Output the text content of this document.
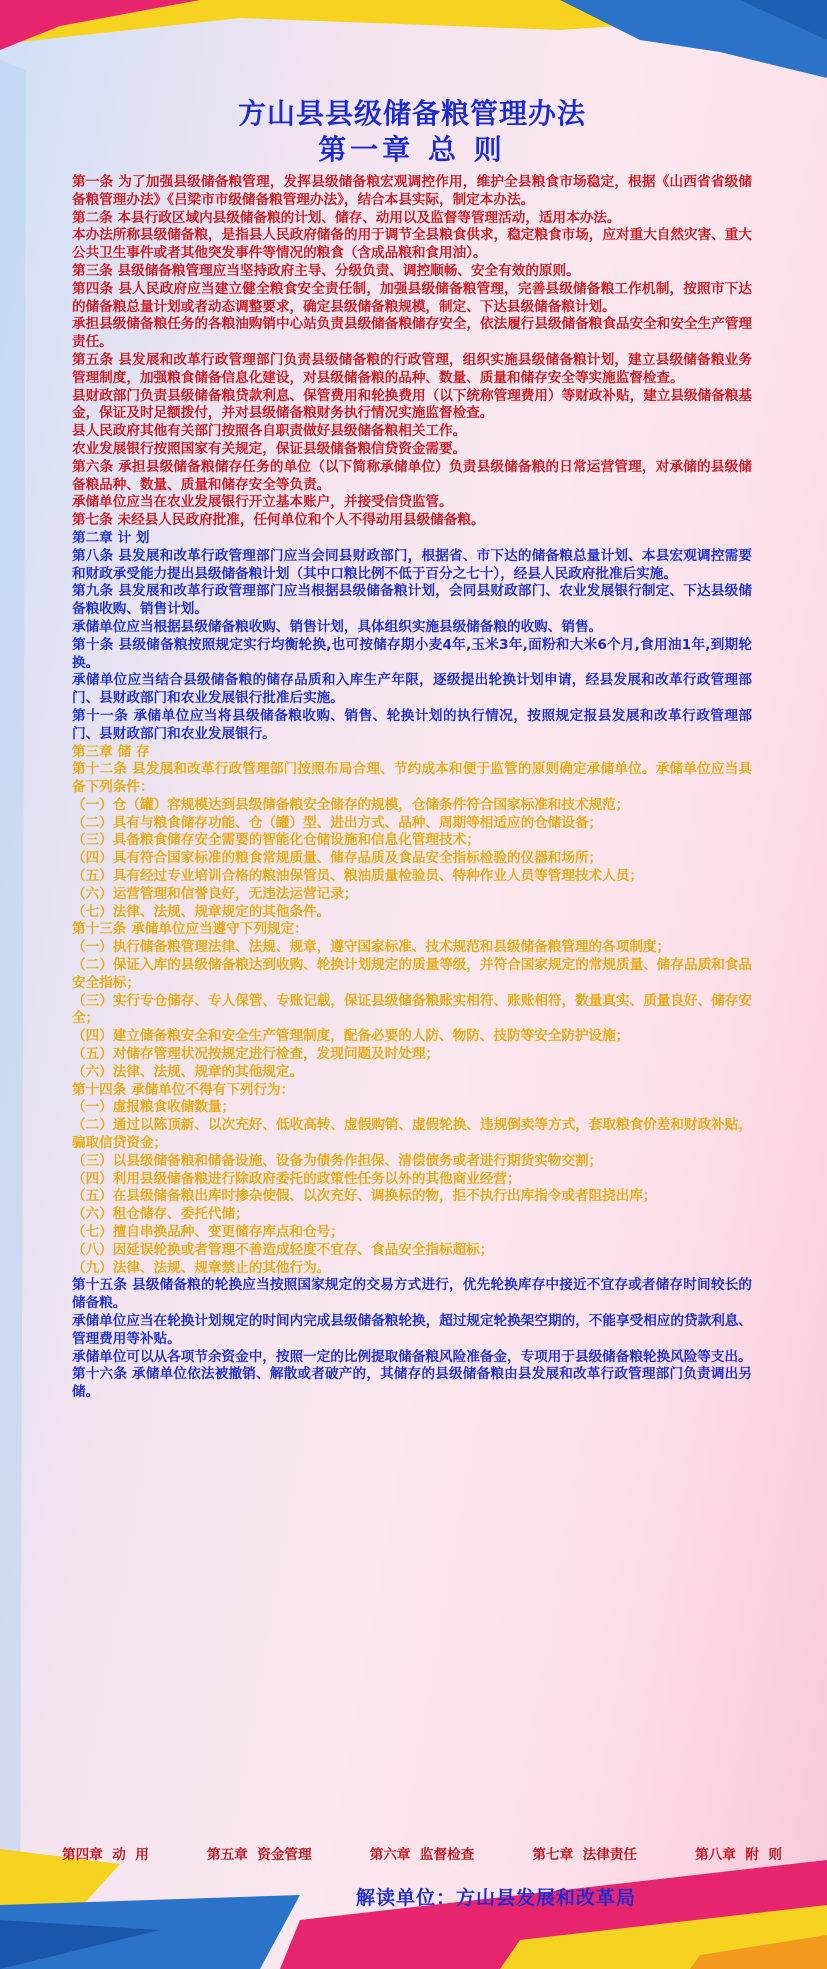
方山县县级储备粮管理办法
第一章 总 则

第一条 为了加强县级储备粮管理，发挥县级储备粮宏观调控作用，维护全县粮食市场稳定，根据《山西省省级储备粮管理办法》《吕梁市市级储备粮管理办法》，结合本县实际，制定本办法。

第二条 本县行政区域内县级储备粮的计划、储存、动用以及监督等管理活动，适用本办法。

本办法所称县级储备粮，是指县人民政府储备的用于调节全县粮食供求，稳定粮食市场，应对重大自然灾害、重大公共卫生事件或者其他突发事件等情况的粮食（含成品粮和食用油）。

第三条 县级储备粮管理应当坚持政府主导、分级负责、调控顺畅、安全有效的原则。

第四条 县人民政府应当建立健全粮食安全责任制，加强县级储备粮管理，完善县级储备粮工作机制，按照市下达的储备粮总量计划或者动态调整要求，确定县级储备粮规模，制定、下达县级储备粮计划。

承担县级储备粮任务的各粮油购销中心站负责县级储备粮储存安全，依法履行县级储备粮食品安全和安全生产管理责任。

第五条 县发展和改革行政管理部门负责县级储备粮的行政管理，组织实施县级储备粮计划，建立县级储备粮业务管理制度，加强粮食储备信息化建设，对县级储备粮的品种、数量、质量和储存安全等实施监督检查。

县财政部门负责县级储备粮贷款利息、保管费用和轮换费用（以下统称管理费用）等财政补贴，建立县级储备粮基金，保证及时足额拨付，并对县级储备粮财务执行情况实施监督检查。

县人民政府其他有关部门按照各自职责做好县级储备粮相关工作。

农业发展银行按照国家有关规定，保证县级储备粮信贷资金需要。

第六条 承担县级储备粮储存任务的单位（以下简称承储单位）负责县级储备粮的日常运营管理，对承储的县级储备粮品种、数量、质量和储存安全等负责。

承储单位应当在农业发展银行开立基本账户，并接受信贷监管。

第七条 未经县人民政府批准，任何单位和个人不得动用县级储备粮。

第二章 计 划

第八条 县发展和改革行政管理部门应当会同县财政部门，根据省、市下达的储备粮总量计划、本县宏观调控需要和财政承受能力提出县级储备粮计划（其中口粮比例不低于百分之七十），经县人民政府批准后实施。

第九条 县发展和改革行政管理部门应当根据县级储备粮计划，会同县财政部门、农业发展银行制定、下达县级储备粮收购、销售计划。

承储单位应当根据县级储备粮收购、销售计划，具体组织实施县级储备粮的收购、销售。

第十条 县级储备粮按照规定实行均衡轮换,也可按储存期小麦4年,玉米3年,面粉和大米6个月,食用油1年,到期轮换。

承储单位应当结合县级储备粮的储存品质和入库生产年限，逐级提出轮换计划申请，经县发展和改革行政管理部门、县财政部门和农业发展银行批准后实施。

第十一条 承储单位应当将县级储备粮收购、销售、轮换计划的执行情况，按照规定报县发展和改革行政管理部门、县财政部门和农业发展银行。

第三章 储 存

第十二条 县发展和改革行政管理部门按照布局合理、节约成本和便于监管的原则确定承储单位。承储单位应当具备下列条件：

（一）仓（罐）容规模达到县级储备粮安全储存的规模，仓储条件符合国家标准和技术规范；

（二）具有与粮食储存功能、仓（罐）型、进出方式、品种、周期等相适应的仓储设备；

（三）具备粮食储存安全需要的智能化仓储设施和信息化管理技术；

（四）具有符合国家标准的粮食常规质量、储存品质及食品安全指标检验的仪器和场所；

（五）具有经过专业培训合格的粮油保管员、粮油质量检验员、特种作业人员等管理技术人员；

（六）运营管理和信誉良好，无违法运营记录；

（七）法律、法规、规章规定的其他条件。

第十三条 承储单位应当遵守下列规定：

（一）执行储备粮管理法律、法规、规章，遵守国家标准、技术规范和县级储备粮管理的各项制度；

（二）保证入库的县级储备粮达到收购、轮换计划规定的质量等级，并符合国家规定的常规质量、储存品质和食品安全指标；

（三）实行专仓储存、专人保管、专账记载，保证县级储备粮账实相符、账账相符，数量真实、质量良好、储存安全；

（四）建立储备粮安全和安全生产管理制度，配备必要的人防、物防、技防等安全防护设施；

（五）对储存管理状况按规定进行检查，发现问题及时处理；

（六）法律、法规、规章的其他规定。

第十四条 承储单位不得有下列行为：

（一）虚报粮食收储数量；

（二）通过以陈顶新、以次充好、低收高转、虚假购销、虚假轮换、违规倒卖等方式，套取粮食价差和财政补贴，骗取信贷资金；

（三）以县级储备粮和储备设施、设备为债务作担保、清偿债务或者进行期货实物交割；

（四）利用县级储备粮进行除政府委托的政策性任务以外的其他商业经营；

（五）在县级储备粮出库时掺杂使假、以次充好、调换标的物，拒不执行出库指令或者阻挠出库；

（六）租仓储存、委托代储；

（七）擅自串换品种、变更储存库点和仓号；

（八）因延误轮换或者管理不善造成轻度不宜存、食品安全指标超标；

（九）法律、法规、规章禁止的其他行为。

第十五条 县级储备粮的轮换应当按照国家规定的交易方式进行，优先轮换库存中接近不宜存或者储存时间较长的储备粮。

承储单位应当在轮换计划规定的时间内完成县级储备粮轮换，超过规定轮换架空期的，不能享受相应的贷款利息、管理费用等补贴。

承储单位可以从各项节余资金中，按照一定的比例提取储备粮风险准备金，专项用于县级储备粮轮换风险等支出。

第十六条 承储单位依法被撤销、解散或者破产的，其储存的县级储备粮由县发展和改革行政管理部门负责调出另储。

第四章  动  用	第五章  资金管理	第六章  监督检查	第七章  法律责任	第八章  附  则
解读单位：方山县发展和改革局
